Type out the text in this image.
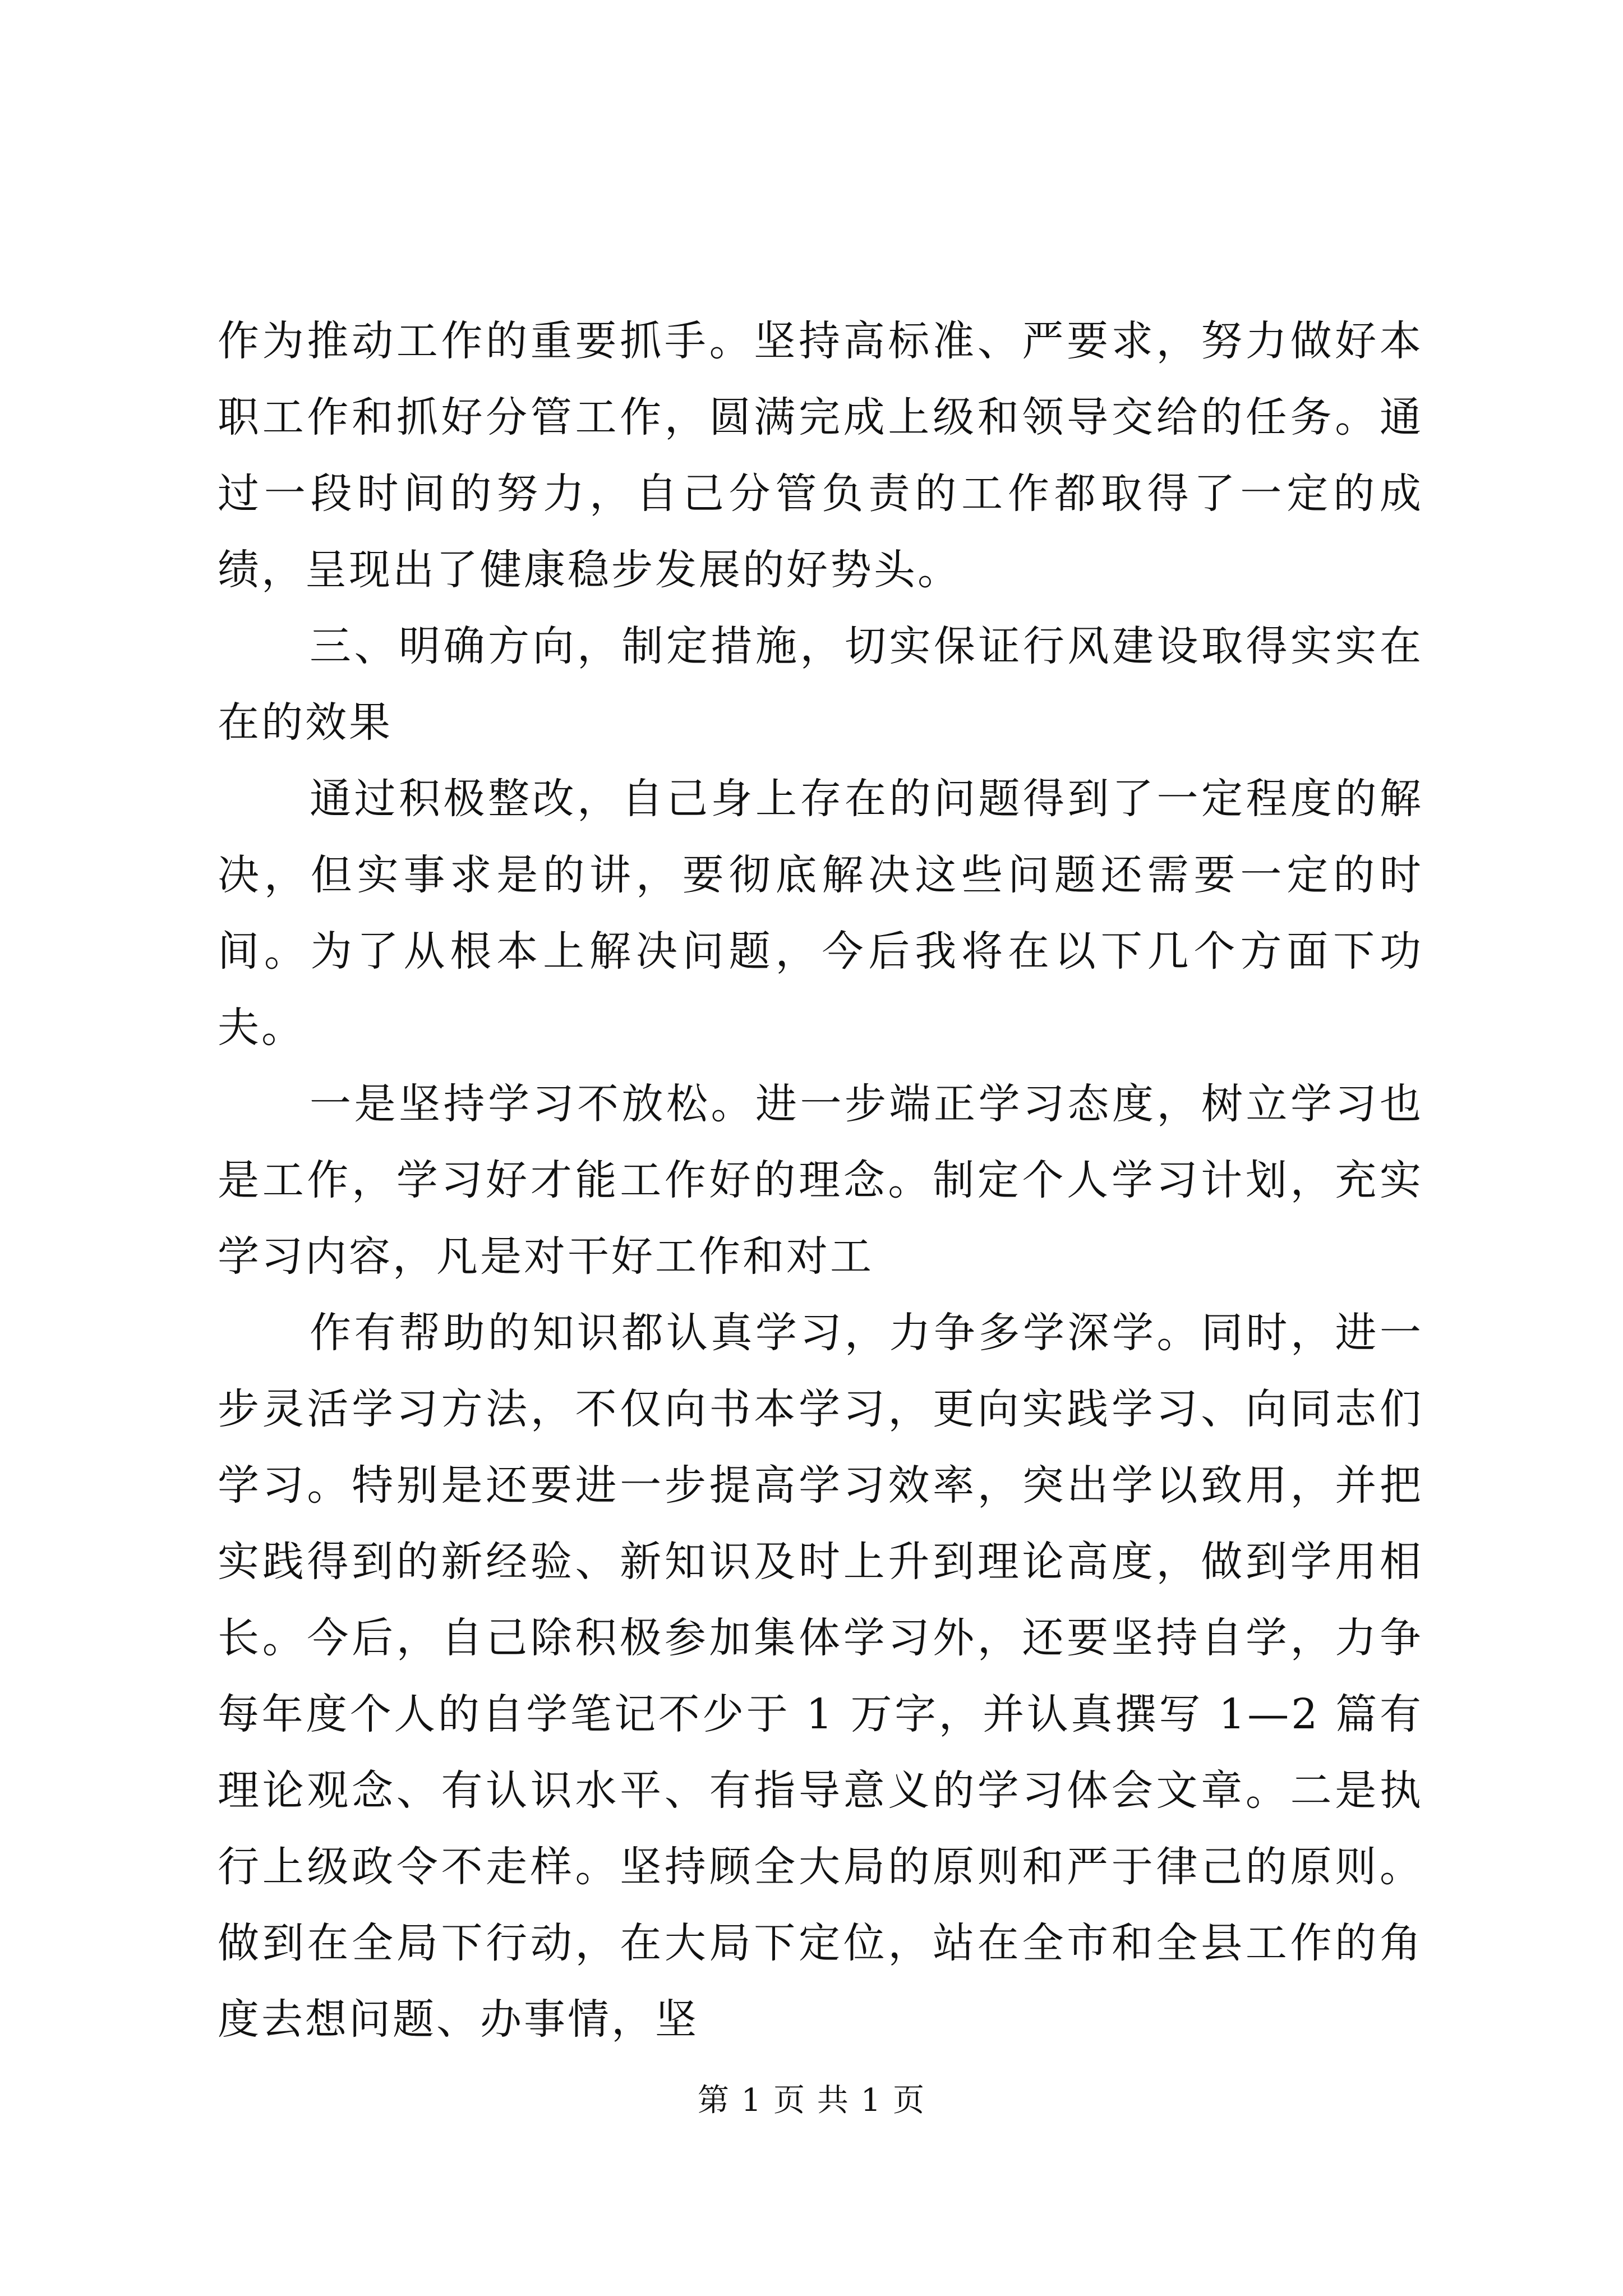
作为推动工作的重要抓手。坚持高标准、严要求，努力做好本职工作和抓好分管工作，圆满完成上级和领导交给的任务。通过一段时间的努力，自己分管负责的工作都取得了一定的成绩，呈现出了健康稳步发展的好势头。

三、明确方向，制定措施，切实保证行风建设取得实实在在的效果

通过积极整改，自己身上存在的问题得到了一定程度的解决，但实事求是的讲，要彻底解决这些问题还需要一定的时间。为了从根本上解决问题，今后我将在以下几个方面下功夫。

一是坚持学习不放松。进一步端正学习态度，树立学习也是工作，学习好才能工作好的理念。制定个人学习计划，充实学习内容，凡是对干好工作和对工

作有帮助的知识都认真学习，力争多学深学。同时，进一步灵活学习方法，不仅向书本学习，更向实践学习、向同志们学习。特别是还要进一步提高学习效率，突出学以致用，并把实践得到的新经验、新知识及时上升到理论高度，做到学用相长。今后，自己除积极参加集体学习外，还要坚持自学，力争每年度个人的自学笔记不少于 1 万字，并认真撰写 1—2 篇有理论观念、有认识水平、有指导意义的学习体会文章。二是执行上级政令不走样。坚持顾全大局的原则和严于律己的原则。做到在全局下行动，在大局下定位，站在全市和全县工作的角度去想问题、办事情，坚

第 1 页 共 1 页
